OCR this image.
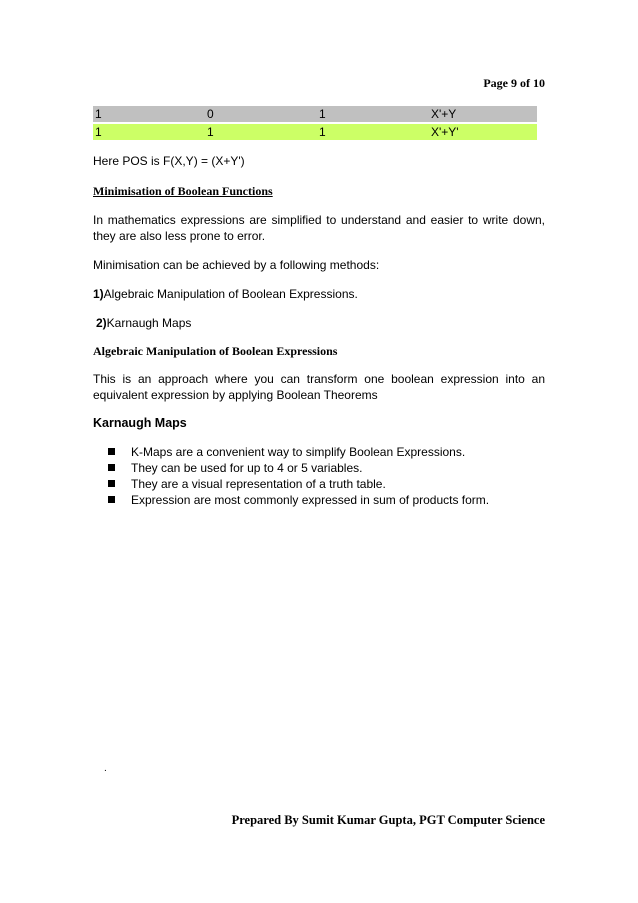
Page 9 of 10
1	0	1	X'+Y
1	1	1	X'+Y'
Here POS is F(X,Y) = (X+Y')
Minimisation of Boolean Functions
In mathematics expressions are simplified to understand and easier to write down, they are also less prone to error.
Minimisation can be achieved by a following methods:
1)Algebraic Manipulation of Boolean Expressions.
2)Karnaugh Maps
Algebraic Manipulation of Boolean Expressions
This is an approach where you can transform one boolean expression into an equivalent expression by applying Boolean Theorems
Karnaugh Maps
K-Maps are a convenient way to simplify Boolean Expressions.
They can be used for up to 4 or 5 variables.
They are a visual representation of a truth table.
Expression are most commonly expressed in sum of products form.
.
Prepared By Sumit Kumar Gupta, PGT Computer Science
